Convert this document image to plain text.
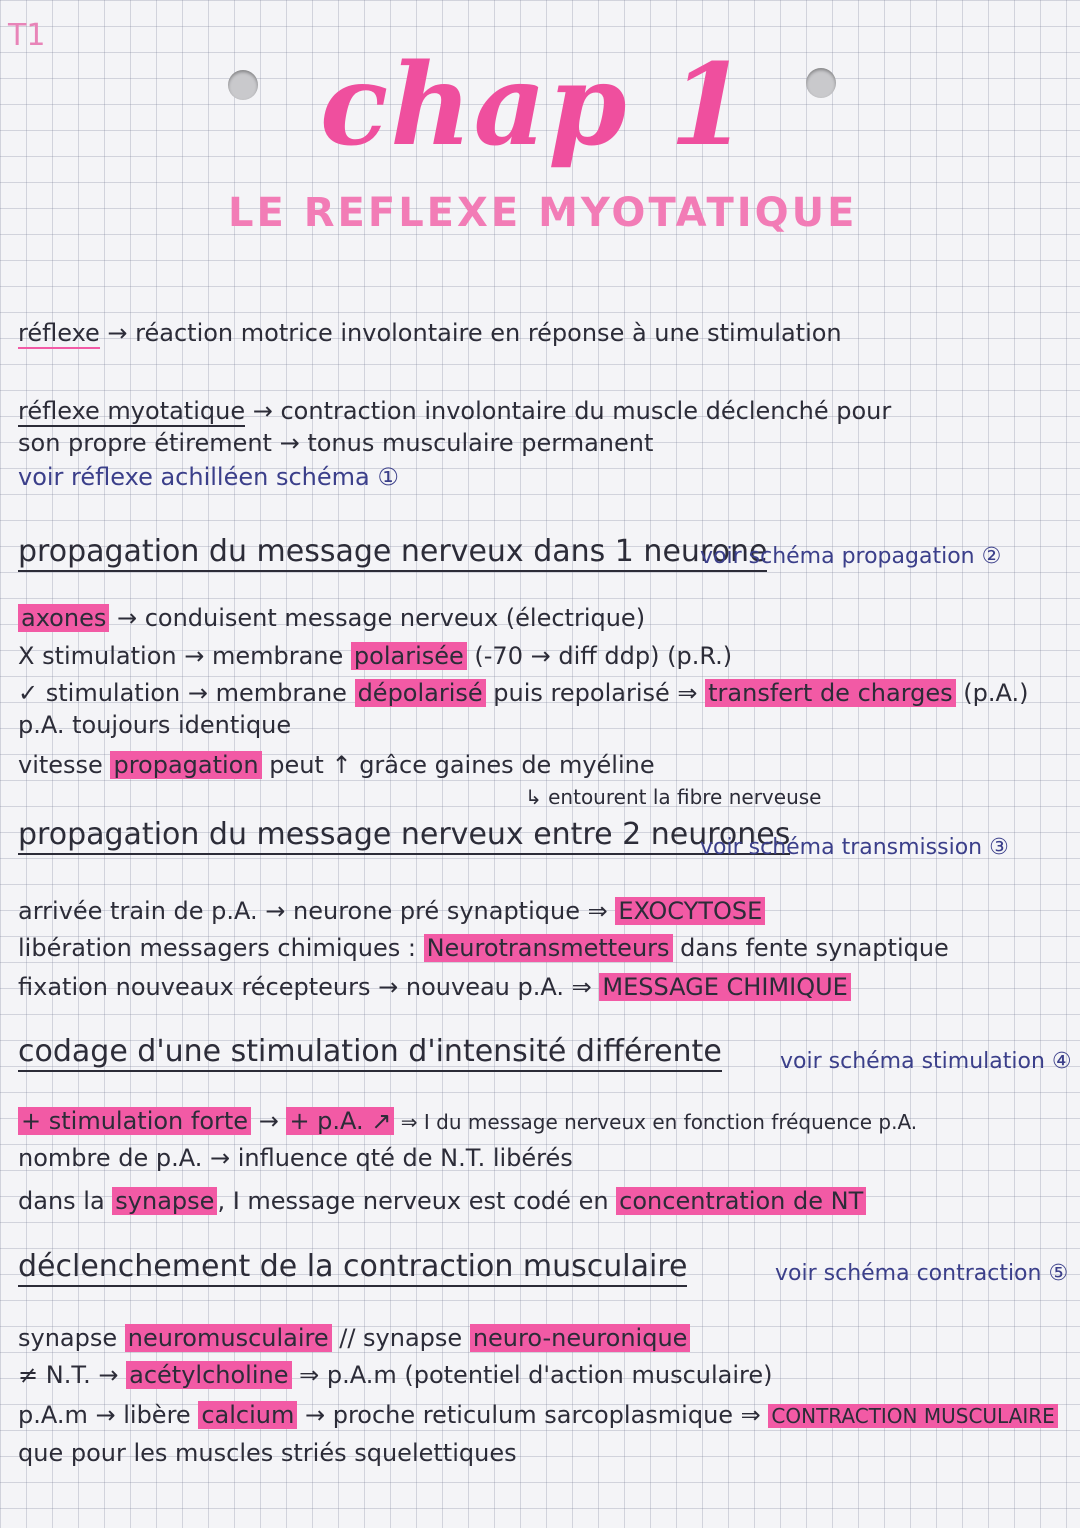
T1
chap 1
LE REFLEXE MYOTATIQUE
réflexe → réaction motrice involontaire en réponse à une stimulation
réflexe myotatique → contraction involontaire du muscle déclenché pour
son propre étirement → tonus musculaire permanent
voir réflexe achilléen schéma ①
propagation du message nerveux dans 1 neurone
voir schéma propagation ②
axones → conduisent message nerveux (électrique)
X stimulation → membrane polarisée (-70 → diff ddp) (p.R.)
✓ stimulation → membrane dépolarisé puis repolarisé ⇒ transfert de charges (p.A.)
p.A. toujours identique
vitesse propagation peut ↑ grâce gaines de myéline
↳ entourent la fibre nerveuse
propagation du message nerveux entre 2 neurones
voir schéma transmission ③
arrivée train de p.A. → neurone pré synaptique ⇒ EXOCYTOSE
libération messagers chimiques : Neurotransmetteurs dans fente synaptique
fixation nouveaux récepteurs → nouveau p.A. ⇒ MESSAGE CHIMIQUE
codage d'une stimulation d'intensité différente	voir schéma stimulation ④
+ stimulation forte → + p.A. ↗ ⇒ I du message nerveux en fonction fréquence p.A.
nombre de p.A. → influence qté de N.T. libérés
dans la synapse , I message nerveux est codé en concentration de NT
déclenchement de la contraction musculaire	voir schéma contraction ⑤
synapse neuromusculaire // synapse neuro-neuronique
≠ N.T. → acétylcholine ⇒ p.A.m (potentiel d'action musculaire)
p.A.m → libère calcium → proche reticulum sarcoplasmique ⇒ CONTRACTION MUSCULAIRE
que pour les muscles striés squelettiques
